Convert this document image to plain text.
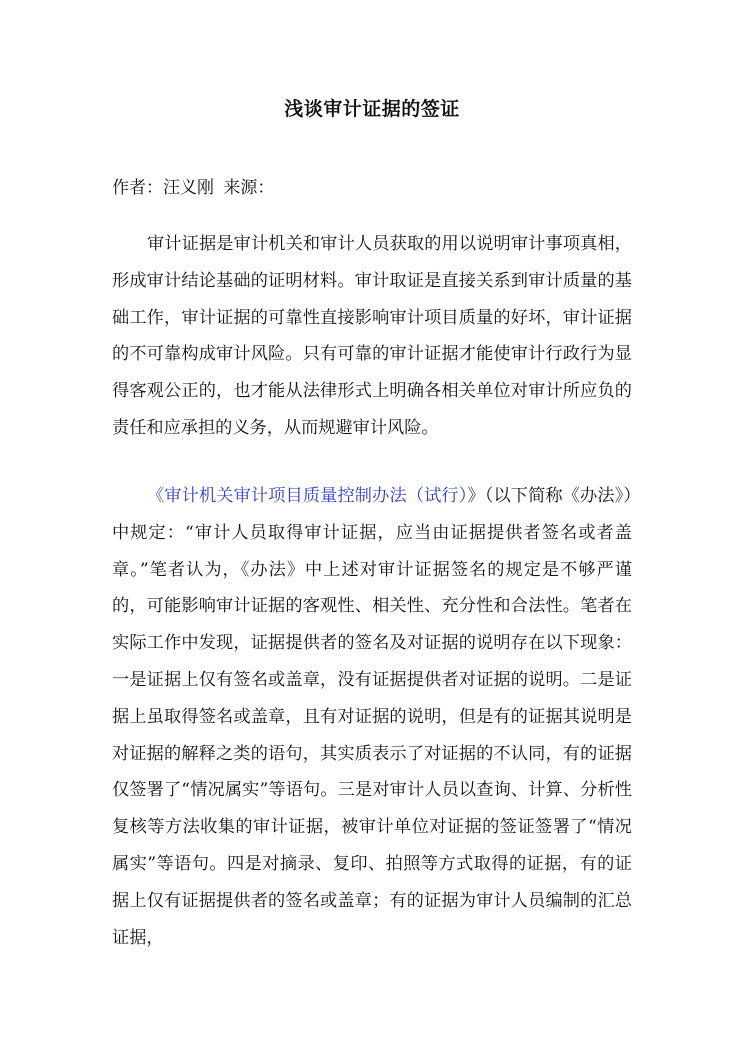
浅谈审计证据的签证
作者：汪义刚 来源：

审计证据是审计机关和审计人员获取的用以说明审计事项真相，形成审计结论基础的证明材料。审计取证是直接关系到审计质量的基础工作，审计证据的可靠性直接影响审计项目质量的好坏，审计证据的不可靠构成审计风险。只有可靠的审计证据才能使审计行政行为显得客观公正的，也才能从法律形式上明确各相关单位对审计所应负的责任和应承担的义务，从而规避审计风险。

《审计机关审计项目质量控制办法（试行）》（以下简称《办法》）中规定：“审计人员取得审计证据，应当由证据提供者签名或者盖章。”笔者认为，《办法》中上述对审计证据签名的规定是不够严谨的，可能影响审计证据的客观性、相关性、充分性和合法性。笔者在实际工作中发现，证据提供者的签名及对证据的说明存在以下现象：一是证据上仅有签名或盖章，没有证据提供者对证据的说明。二是证据上虽取得签名或盖章，且有对证据的说明，但是有的证据其说明是对证据的解释之类的语句，其实质表示了对证据的不认同，有的证据仅签署了“情况属实”等语句。三是对审计人员以查询、计算、分析性复核等方法收集的审计证据，被审计单位对证据的签证签署了“情况属实”等语句。四是对摘录、复印、拍照等方式取得的证据，有的证据上仅有证据提供者的签名或盖章；有的证据为审计人员编制的汇总证据，
